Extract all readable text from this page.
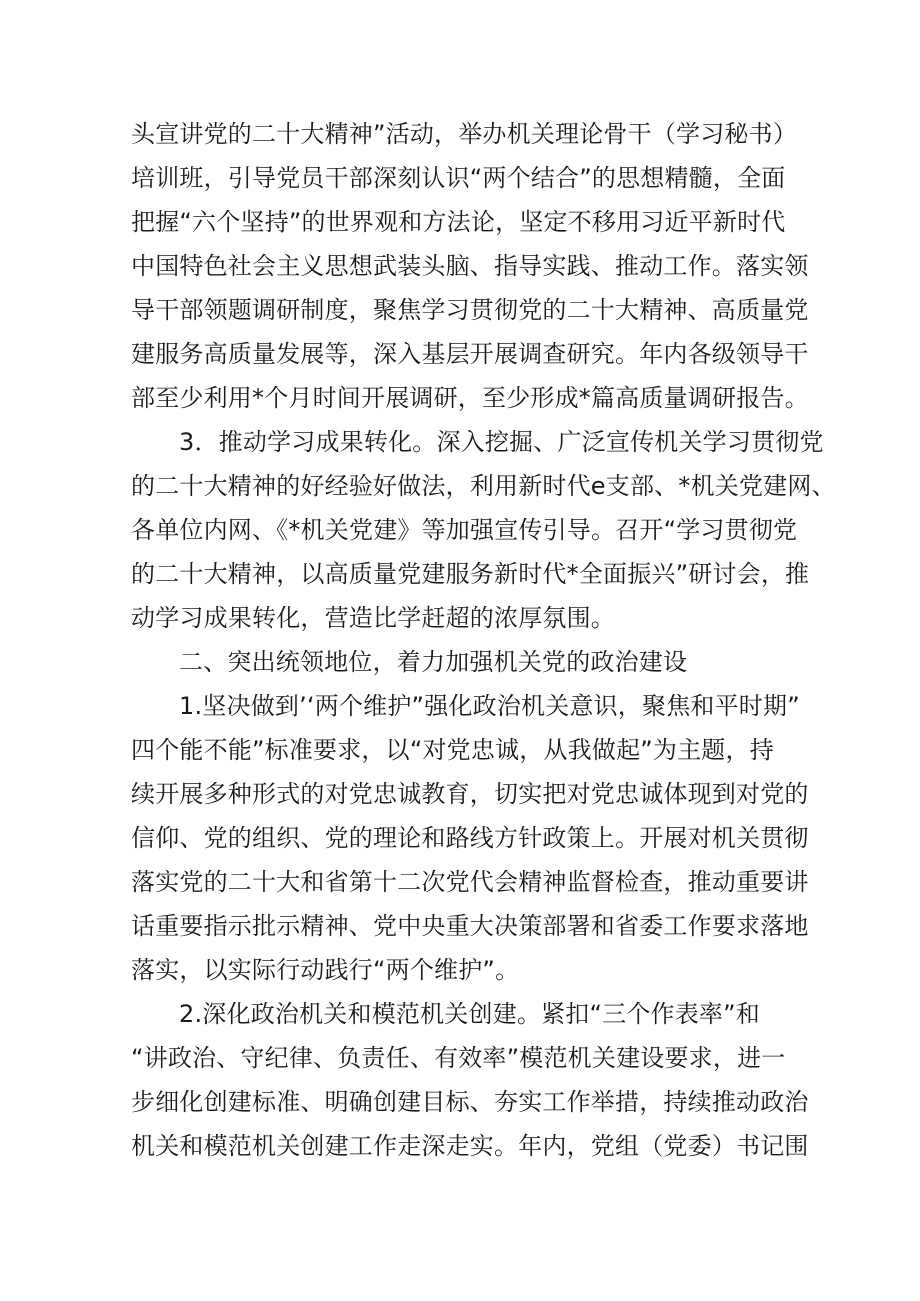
头宣讲党的二十大精神”活动，举办机关理论骨干（学习秘书）
培训班，引导党员干部深刻认识“两个结合”的思想精髓，全面
把握“六个坚持”的世界观和方法论，坚定不移用习近平新时代
中国特色社会主义思想武装头脑、指导实践、推动工作。落实领
导干部领题调研制度，聚焦学习贯彻党的二十大精神、高质量党
建服务高质量发展等，深入基层开展调查研究。年内各级领导干
部至少利用*个月时间开展调研，至少形成*篇高质量调研报告。
3．推动学习成果转化。深入挖掘、广泛宣传机关学习贯彻党
的二十大精神的好经验好做法，利用新时代e支部、*机关党建网、
各单位内网、《*机关党建》等加强宣传引导。召开“学习贯彻党
的二十大精神，以高质量党建服务新时代*全面振兴”研讨会，推
动学习成果转化，营造比学赶超的浓厚氛围。
二、突出统领地位，着力加强机关党的政治建设
1.坚决做到’‘两个维护”强化政治机关意识，聚焦和平时期”
四个能不能”标准要求，以“对党忠诚，从我做起”为主题，持
续开展多种形式的对党忠诚教育，切实把对党忠诚体现到对党的
信仰、党的组织、党的理论和路线方针政策上。开展对机关贯彻
落实党的二十大和省第十二次党代会精神监督检查，推动重要讲
话重要指示批示精神、党中央重大决策部署和省委工作要求落地
落实，以实际行动践行“两个维护”。
2.深化政治机关和模范机关创建。紧扣“三个作表率”和
“讲政治、守纪律、负责任、有效率”模范机关建设要求，进一
步细化创建标准、明确创建目标、夯实工作举措，持续推动政治
机关和模范机关创建工作走深走实。年内，党组（党委）书记围
